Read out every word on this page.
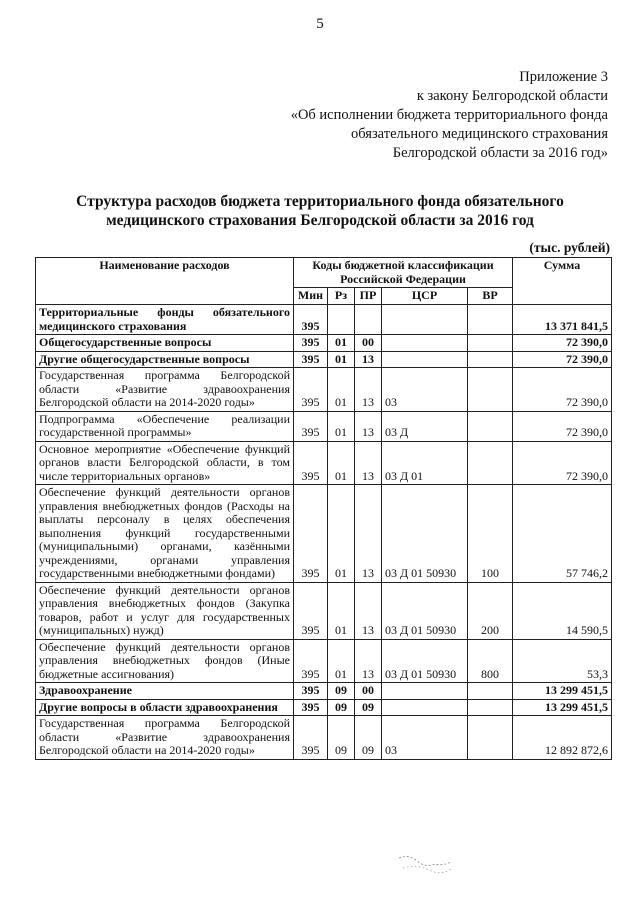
5
Приложение 3
к закону Белгородской области
«Об исполнении бюджета территориального фонда
обязательного медицинского страхования
Белгородской области за 2016 год»
Структура расходов бюджета территориального фонда обязательного
медицинского страхования Белгородской области за 2016 год
(тыс. рублей)
Наименование расходов	Коды бюджетной классификации Российской Федерации					Сумма
	Мин	Рз	ПР	ЦСР	ВР	
Территориальные фонды обязательного медицинского страхования	395					13 371 841,5
Общегосударственные вопросы	395	01	00			72 390,0
Другие общегосударственные вопросы	395	01	13			72 390,0
Государственная программа Белгородской области «Развитие здравоохранения Белгородской области на 2014-2020 годы»	395	01	13	03		72 390,0
Подпрограмма «Обеспечение реализации государственной программы»	395	01	13	03 Д		72 390,0
Основное мероприятие «Обеспечение функций органов власти Белгородской области, в том числе территориальных органов»	395	01	13	03 Д 01		72 390,0
Обеспечение функций деятельности органов управления внебюджетных фондов (Расходы на выплаты персоналу в целях обеспечения выполнения функций государственными (муниципальными) органами, казёнными учреждениями, органами управления государственными внебюджетными фондами)	395	01	13	03 Д 01 50930	100	57 746,2
Обеспечение функций деятельности органов управления внебюджетных фондов (Закупка товаров, работ и услуг для государственных (муниципальных) нужд)	395	01	13	03 Д 01 50930	200	14 590,5
Обеспечение функций деятельности органов управления внебюджетных фондов (Иные бюджетные ассигнования)	395	01	13	03 Д 01 50930	800	53,3
Здравоохранение	395	09	00			13 299 451,5
Другие вопросы в области здравоохранения	395	09	09			13 299 451,5
Государственная программа Белгородской области «Развитие здравоохранения Белгородской области на 2014-2020 годы»	395	09	09	03		12 892 872,6
